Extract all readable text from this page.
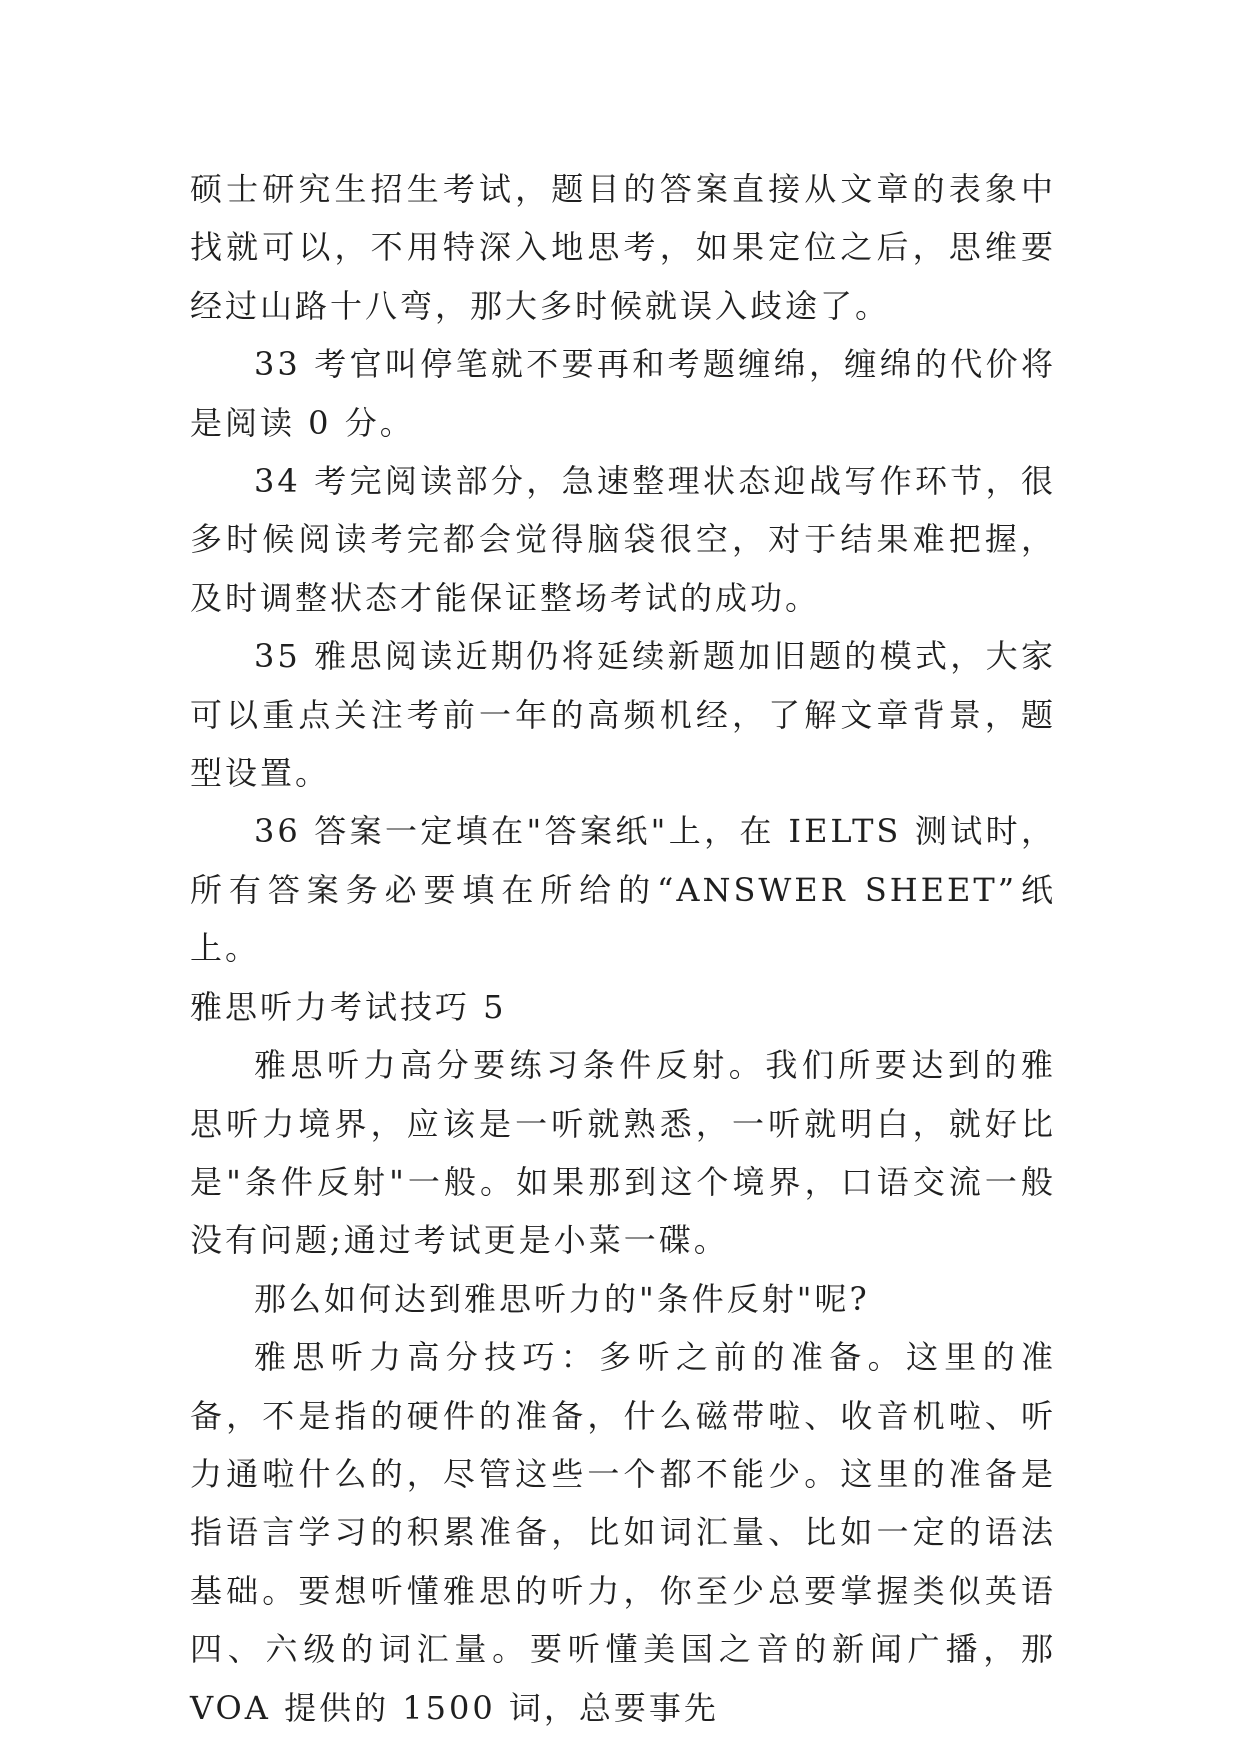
硕士研究生招生考试，题目的答案直接从文章的表象中找就可以，不用特深入地思考，如果定位之后，思维要经过山路十八弯，那大多时候就误入歧途了。

33 考官叫停笔就不要再和考题缠绵，缠绵的代价将是阅读 0 分。

34 考完阅读部分，急速整理状态迎战写作环节，很多时候阅读考完都会觉得脑袋很空，对于结果难把握，及时调整状态才能保证整场考试的成功。

35 雅思阅读近期仍将延续新题加旧题的模式，大家可以重点关注考前一年的高频机经，了解文章背景，题型设置。

36 答案一定填在"答案纸"上，在 IELTS 测试时，所有答案务必要填在所给的“ANSWER SHEET”纸上。

雅思听力考试技巧 5

雅思听力高分要练习条件反射。我们所要达到的雅思听力境界，应该是一听就熟悉，一听就明白，就好比是"条件反射"一般。如果那到这个境界，口语交流一般没有问题;通过考试更是小菜一碟。

那么如何达到雅思听力的"条件反射"呢?

雅思听力高分技巧：多听之前的准备。这里的准备，不是指的硬件的准备，什么磁带啦、收音机啦、听力通啦什么的，尽管这些一个都不能少。这里的准备是指语言学习的积累准备，比如词汇量、比如一定的语法基础。要想听懂雅思的听力，你至少总要掌握类似英语四、六级的词汇量。要听懂美国之音的新闻广播，那 VOA 提供的 1500 词，总要事先
